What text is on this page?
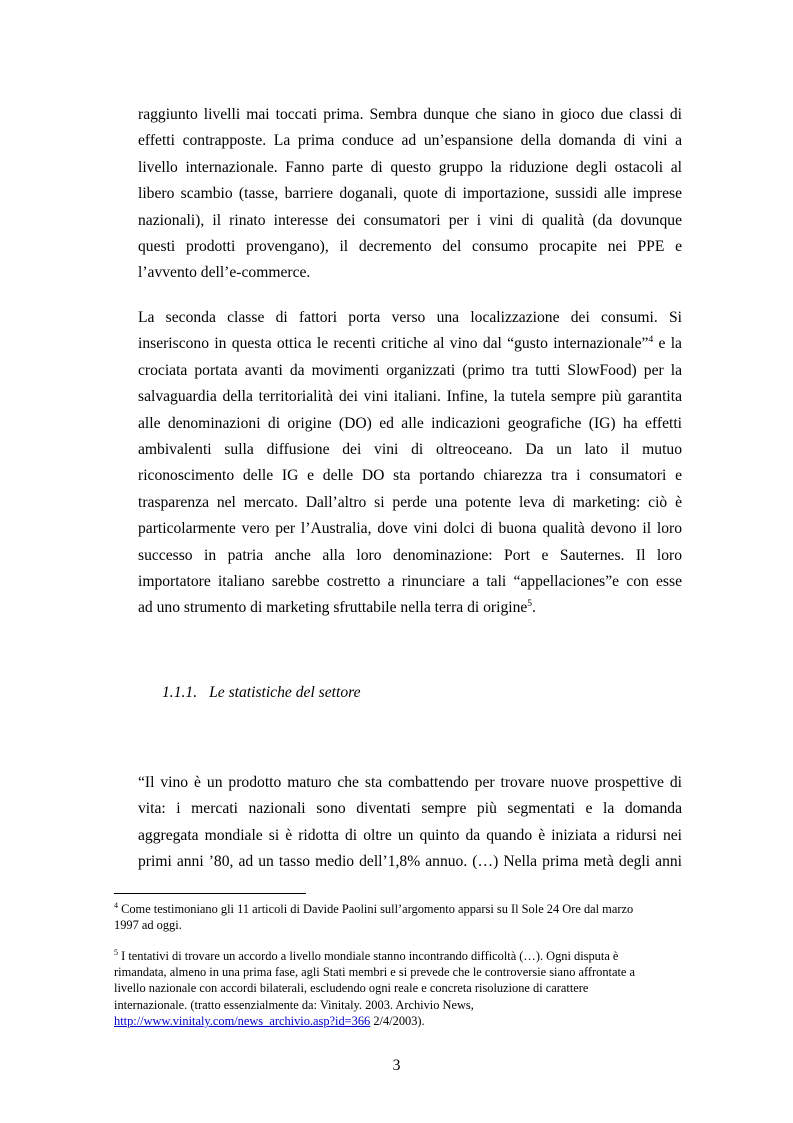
raggiunto livelli mai toccati prima. Sembra dunque che siano in gioco due classi di
effetti contrapposte. La prima conduce ad un’espansione della domanda di vini a
livello internazionale. Fanno parte di questo gruppo la riduzione degli ostacoli al
libero scambio (tasse, barriere doganali, quote di importazione, sussidi alle imprese
nazionali), il rinato interesse dei consumatori per i vini di qualità (da dovunque
questi prodotti provengano), il decremento del consumo procapite nei PPE e
l’avvento dell’e-commerce.
La seconda classe di fattori porta verso una localizzazione dei consumi. Si
inseriscono in questa ottica le recenti critiche al vino dal “gusto internazionale”$^4$ e la
crociata portata avanti da movimenti organizzati (primo tra tutti SlowFood) per la
salvaguardia della territorialità dei vini italiani. Infine, la tutela sempre più garantita
alle denominazioni di origine (DO) ed alle indicazioni geografiche (IG) ha effetti
ambivalenti sulla diffusione dei vini di oltreoceano. Da un lato il mutuo
riconoscimento delle IG e delle DO sta portando chiarezza tra i consumatori e
trasparenza nel mercato. Dall’altro si perde una potente leva di marketing: ciò è
particolarmente vero per l’Australia, dove vini dolci di buona qualità devono il loro
successo in patria anche alla loro denominazione: Port e Sauternes. Il loro
importatore italiano sarebbe costretto a rinunciare a tali “appellaciones”e con esse
ad uno strumento di marketing sfruttabile nella terra di origine$^5$.

1.1.1. Le statistiche del settore

“Il vino è un prodotto maturo che sta combattendo per trovare nuove prospettive di
vita: i mercati nazionali sono diventati sempre più segmentati e la domanda
aggregata mondiale si è ridotta di oltre un quinto da quando è iniziata a ridursi nei
primi anni ’80, ad un tasso medio dell’1,8% annuo. (…) Nella prima metà degli anni
$^4$ Come testimoniano gli 11 articoli di Davide Paolini sull’argomento apparsi su Il Sole 24 Ore dal marzo
1997 ad oggi.
$^5$ I tentativi di trovare un accordo a livello mondiale stanno incontrando difficoltà (…). Ogni disputa è
rimandata, almeno in una prima fase, agli Stati membri e si prevede che le controversie siano affrontate a
livello nazionale con accordi bilaterali, escludendo ogni reale e concreta risoluzione di carattere
internazionale. (tratto essenzialmente da: Vinitaly. 2003. Archivio News,
http://www.vinitaly.com/news_archivio.asp?id=366 2/4/2003).

3
